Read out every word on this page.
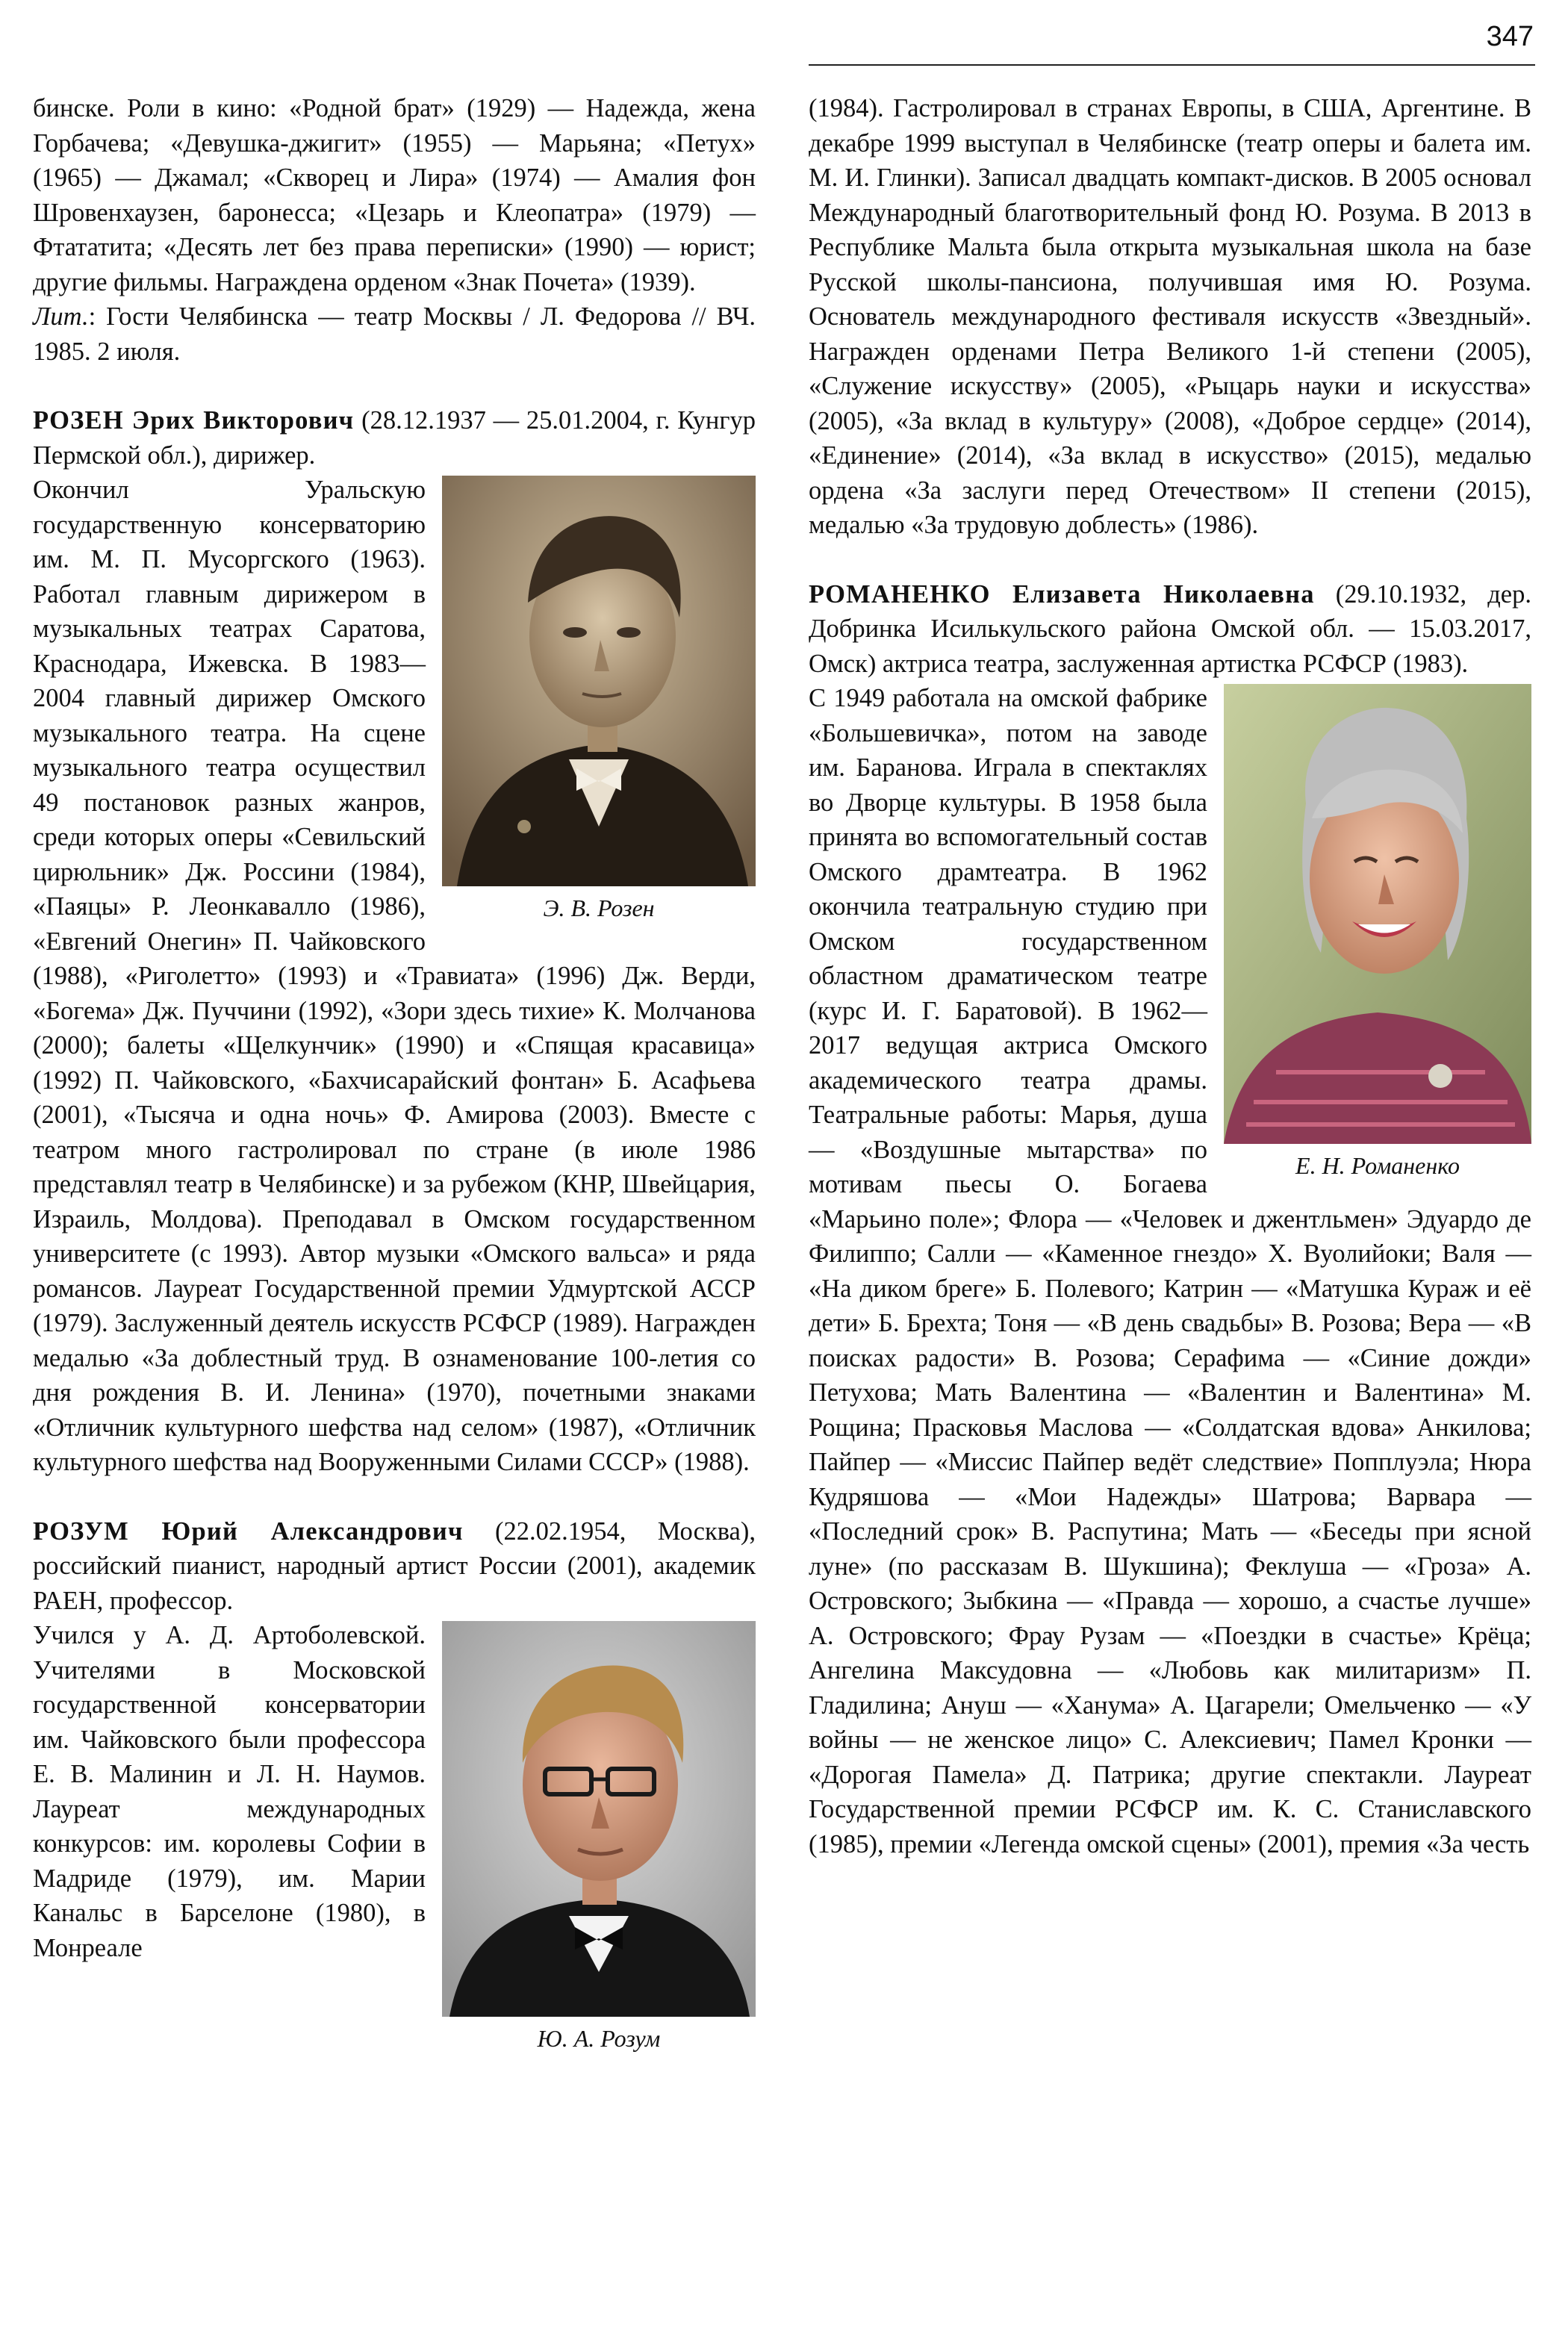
347

бинске. Роли в кино: «Родной брат» (1929) — Надежда, жена Горбачева; «Девушка-джигит» (1955) — Марьяна; «Петух» (1965) — Джамал; «Скворец и Лира» (1974) — Амалия фон Шровенхаузен, баронесса; «Цезарь и Клеопатра» (1979) — Фтататита; «Десять лет без права переписки» (1990) — юрист; другие фильмы. Награждена орденом «Знак Почета» (1939).

Лит.: Гости Челябинска — театр Москвы / Л. Федорова // ВЧ. 1985. 2 июля.

РОЗЕН Эрих Викторович (28.12.1937 — 25.01.2004, г. Кунгур Пермской обл.), дирижер.

Э. В. Розен

Окончил Уральскую государственную консерваторию им. М. П. Мусоргского (1963). Работал главным дирижером в музыкальных театрах Саратова, Краснодара, Ижевска. В 1983—2004 главный дирижер Омского музыкального театра. На сцене музыкального театра осуществил 49 постановок разных жанров, среди которых оперы «Севильский цирюльник» Дж. Россини (1984), «Паяцы» Р. Леонкавалло (1986), «Евгений Онегин» П. Чайковского (1988), «Риголетто» (1993) и «Травиата» (1996) Дж. Верди, «Богема» Дж. Пуччини (1992), «Зори здесь тихие» К. Молчанова (2000); балеты «Щелкунчик» (1990) и «Спящая красавица» (1992) П. Чайковского, «Бахчисарайский фонтан» Б. Асафьева (2001), «Тысяча и одна ночь» Ф. Амирова (2003). Вместе с театром много гастролировал по стране (в июле 1986 представлял театр в Челябинске) и за рубежом (КНР, Швейцария, Израиль, Молдова). Преподавал в Омском государственном университете (с 1993). Автор музыки «Омского вальса» и ряда романсов. Лауреат Государственной премии Удмуртской АССР (1979). Заслуженный деятель искусств РСФСР (1989). Награжден медалью «За доблестный труд. В ознаменование 100-летия со дня рождения В. И. Ленина» (1970), почетными знаками «Отличник культурного шефства над селом» (1987), «Отличник культурного шефства над Вооруженными Силами СССР» (1988).

РОЗУМ Юрий Александрович (22.02.1954, Москва), российский пианист, народный артист России (2001), академик РАЕН, профессор.

Ю. А. Розум

Учился у А. Д. Артоболевской. Учителями в Московской государственной консерватории им. Чайковского были профессора Е. В. Малинин и Л. Н. Наумов. Лауреат международных конкурсов: им. королевы Софии в Мадриде (1979), им. Марии Канальс в Барселоне (1980), в Монреале

(1984). Гастролировал в странах Европы, в США, Аргентине. В декабре 1999 выступал в Челябинске (театр оперы и балета им. М. И. Глинки). Записал двадцать компакт-дисков. В 2005 основал Международный благотворительный фонд Ю. Розума. В 2013 в Республике Мальта была открыта музыкальная школа на базе Русской школы-пансиона, получившая имя Ю. Розума. Основатель международного фестиваля искусств «Звездный». Награжден орденами Петра Великого 1-й степени (2005), «Служение искусству» (2005), «Рыцарь науки и искусства» (2005), «За вклад в культуру» (2008), «Доброе сердце» (2014), «Единение» (2014), «За вклад в искусство» (2015), медалью ордена «За заслуги перед Отечеством» II степени (2015), медалью «За трудовую доблесть» (1986).

РОМАНЕНКО Елизавета Николаевна (29.10.1932, дер. Добринка Исилькульского района Омской обл. — 15.03.2017, Омск) актриса театра, заслуженная артистка РСФСР (1983).

Е. Н. Романенко

С 1949 работала на омской фабрике «Большевичка», потом на заводе им. Баранова. Играла в спектаклях во Дворце культуры. В 1958 была принята во вспомогательный состав Омского драмтеатра. В 1962 окончила театральную студию при Омском государственном областном драматическом театре (курс И. Г. Баратовой). В 1962—2017 ведущая актриса Омского академического театра драмы. Театральные работы: Марья, душа — «Воздушные мытарства» по мотивам пьесы О. Богаева «Марьино поле»; Флора — «Человек и джентльмен» Эдуардо де Филиппо; Салли — «Каменное гнездо» Х. Вуолийоки; Валя — «На диком бреге» Б. Полевого; Катрин — «Матушка Кураж и её дети» Б. Брехта; Тоня — «В день свадьбы» В. Розова; Вера — «В поисках радости» В. Розова; Серафима — «Синие дожди» Петухова; Мать Валентина — «Валентин и Валентина» М. Рощина; Прасковья Маслова — «Солдатская вдова» Анкилова; Пайпер — «Миссис Пайпер ведёт следствие» Попплуэла; Нюра Кудряшова — «Мои Надежды» Шатрова; Варвара — «Последний срок» В. Распутина; Мать — «Беседы при ясной луне» (по рассказам В. Шукшина); Феклуша — «Гроза» А. Островского; Зыбкина — «Правда — хорошо, а счастье лучше» А. Островского; Фрау Рузам — «Поездки в счастье» Крёца; Ангелина Максудовна — «Любовь как милитаризм» П. Гладилина; Ануш — «Ханума» А. Цагарели; Омельченко — «У войны — не женское лицо» С. Алексиевич; Памел Кронки — «Дорогая Памела» Д. Патрика; другие спектакли. Лауреат Государственной премии РСФСР им. К. С. Станиславского (1985), премии «Легенда омской сцены» (2001), премия «За честь
